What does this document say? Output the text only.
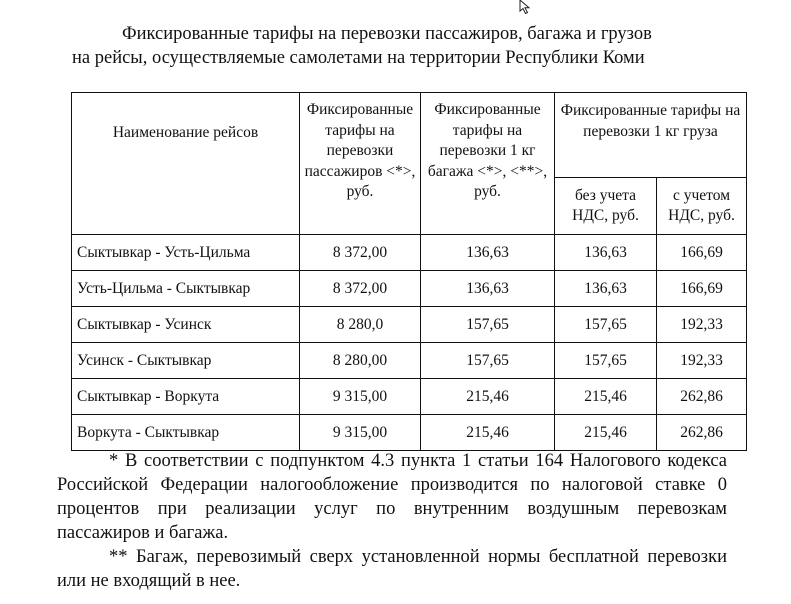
Фиксированные тарифы на перевозки пассажиров, багажа и грузов
на рейсы, осуществляемые самолетами на территории Республики Коми
Наименование рейсов	Фиксированные тарифы на перевозки пассажиров <*>, руб.	Фиксированные тарифы на перевозки 1 кг багажа <*>, <**>, руб.	Фиксированные тарифы на перевозки 1 кг груза	
			без учета НДС, руб.	с учетом НДС, руб.
Сыктывкар - Усть-Цильма	8 372,00	136,63	136,63	166,69
Усть-Цильма - Сыктывкар	8 372,00	136,63	136,63	166,69
Сыктывкар - Усинск	8 280,0	157,65	157,65	192,33
Усинск - Сыктывкар	8 280,00	157,65	157,65	192,33
Сыктывкар - Воркута	9 315,00	215,46	215,46	262,86
Воркута - Сыктывкар	9 315,00	215,46	215,46	262,86

* В соответствии с подпунктом 4.3 пункта 1 статьи 164 Налогового кодекса Российской Федерации налогообложение производится по налоговой ставке 0 процентов при реализации услуг по внутренним воздушным перевозкам пассажиров и багажа.

** Багаж, перевозимый сверх установленной нормы бесплатной перевозки или не входящий в нее.
